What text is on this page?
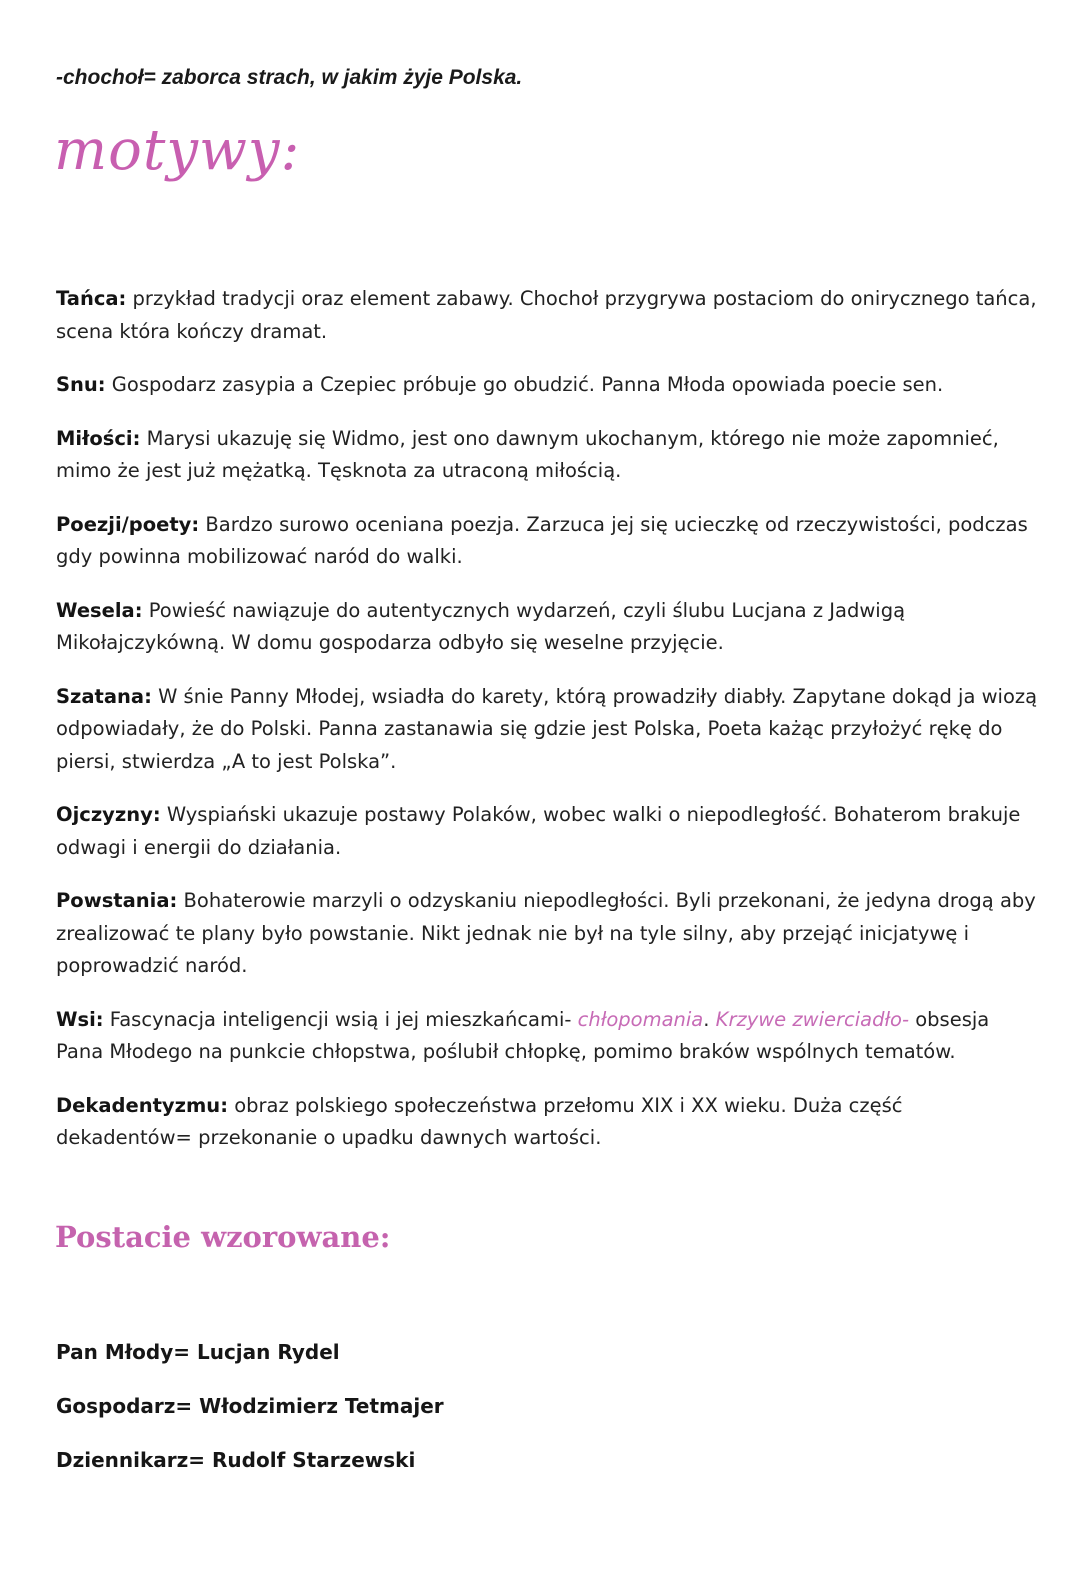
-chochoł= zaborca strach, w jakim żyje Polska.
motywy:

Tańca: przykład tradycji oraz element zabawy. Chochoł przygrywa postaciom do onirycznego tańca, scena która kończy dramat.

Snu: Gospodarz zasypia a Czepiec próbuje go obudzić. Panna Młoda opowiada poecie sen.

Miłości: Marysi ukazuję się Widmo, jest ono dawnym ukochanym, którego nie może zapomnieć, mimo że jest już mężatką. Tęsknota za utraconą miłością.

Poezji/poety: Bardzo surowo oceniana poezja. Zarzuca jej się ucieczkę od rzeczywistości, podczas gdy powinna mobilizować naród do walki.

Wesela: Powieść nawiązuje do autentycznych wydarzeń, czyli ślubu Lucjana z Jadwigą Mikołajczykówną. W domu gospodarza odbyło się weselne przyjęcie.

Szatana: W śnie Panny Młodej, wsiadła do karety, którą prowadziły diabły. Zapytane dokąd ja wiozą odpowiadały, że do Polski. Panna zastanawia się gdzie jest Polska, Poeta każąc przyłożyć rękę do piersi, stwierdza „A to jest Polska”.

Ojczyzny: Wyspiański ukazuje postawy Polaków, wobec walki o niepodległość. Bohaterom brakuje odwagi i energii do działania.

Powstania: Bohaterowie marzyli o odzyskaniu niepodległości. Byli przekonani, że jedyna drogą aby zrealizować te plany było powstanie. Nikt jednak nie był na tyle silny, aby przejąć inicjatywę i poprowadzić naród.

Wsi: Fascynacja inteligencji wsią i jej mieszkańcami- chłopomania. Krzywe zwierciadło- obsesja Pana Młodego na punkcie chłopstwa, poślubił chłopkę, pomimo braków wspólnych tematów.

Dekadentyzmu: obraz polskiego społeczeństwa przełomu XIX i XX wieku. Duża część dekadentów= przekonanie o upadku dawnych wartości.

Postacie wzorowane:

Pan Młody= Lucjan Rydel

Gospodarz= Włodzimierz Tetmajer

Dziennikarz= Rudolf Starzewski
